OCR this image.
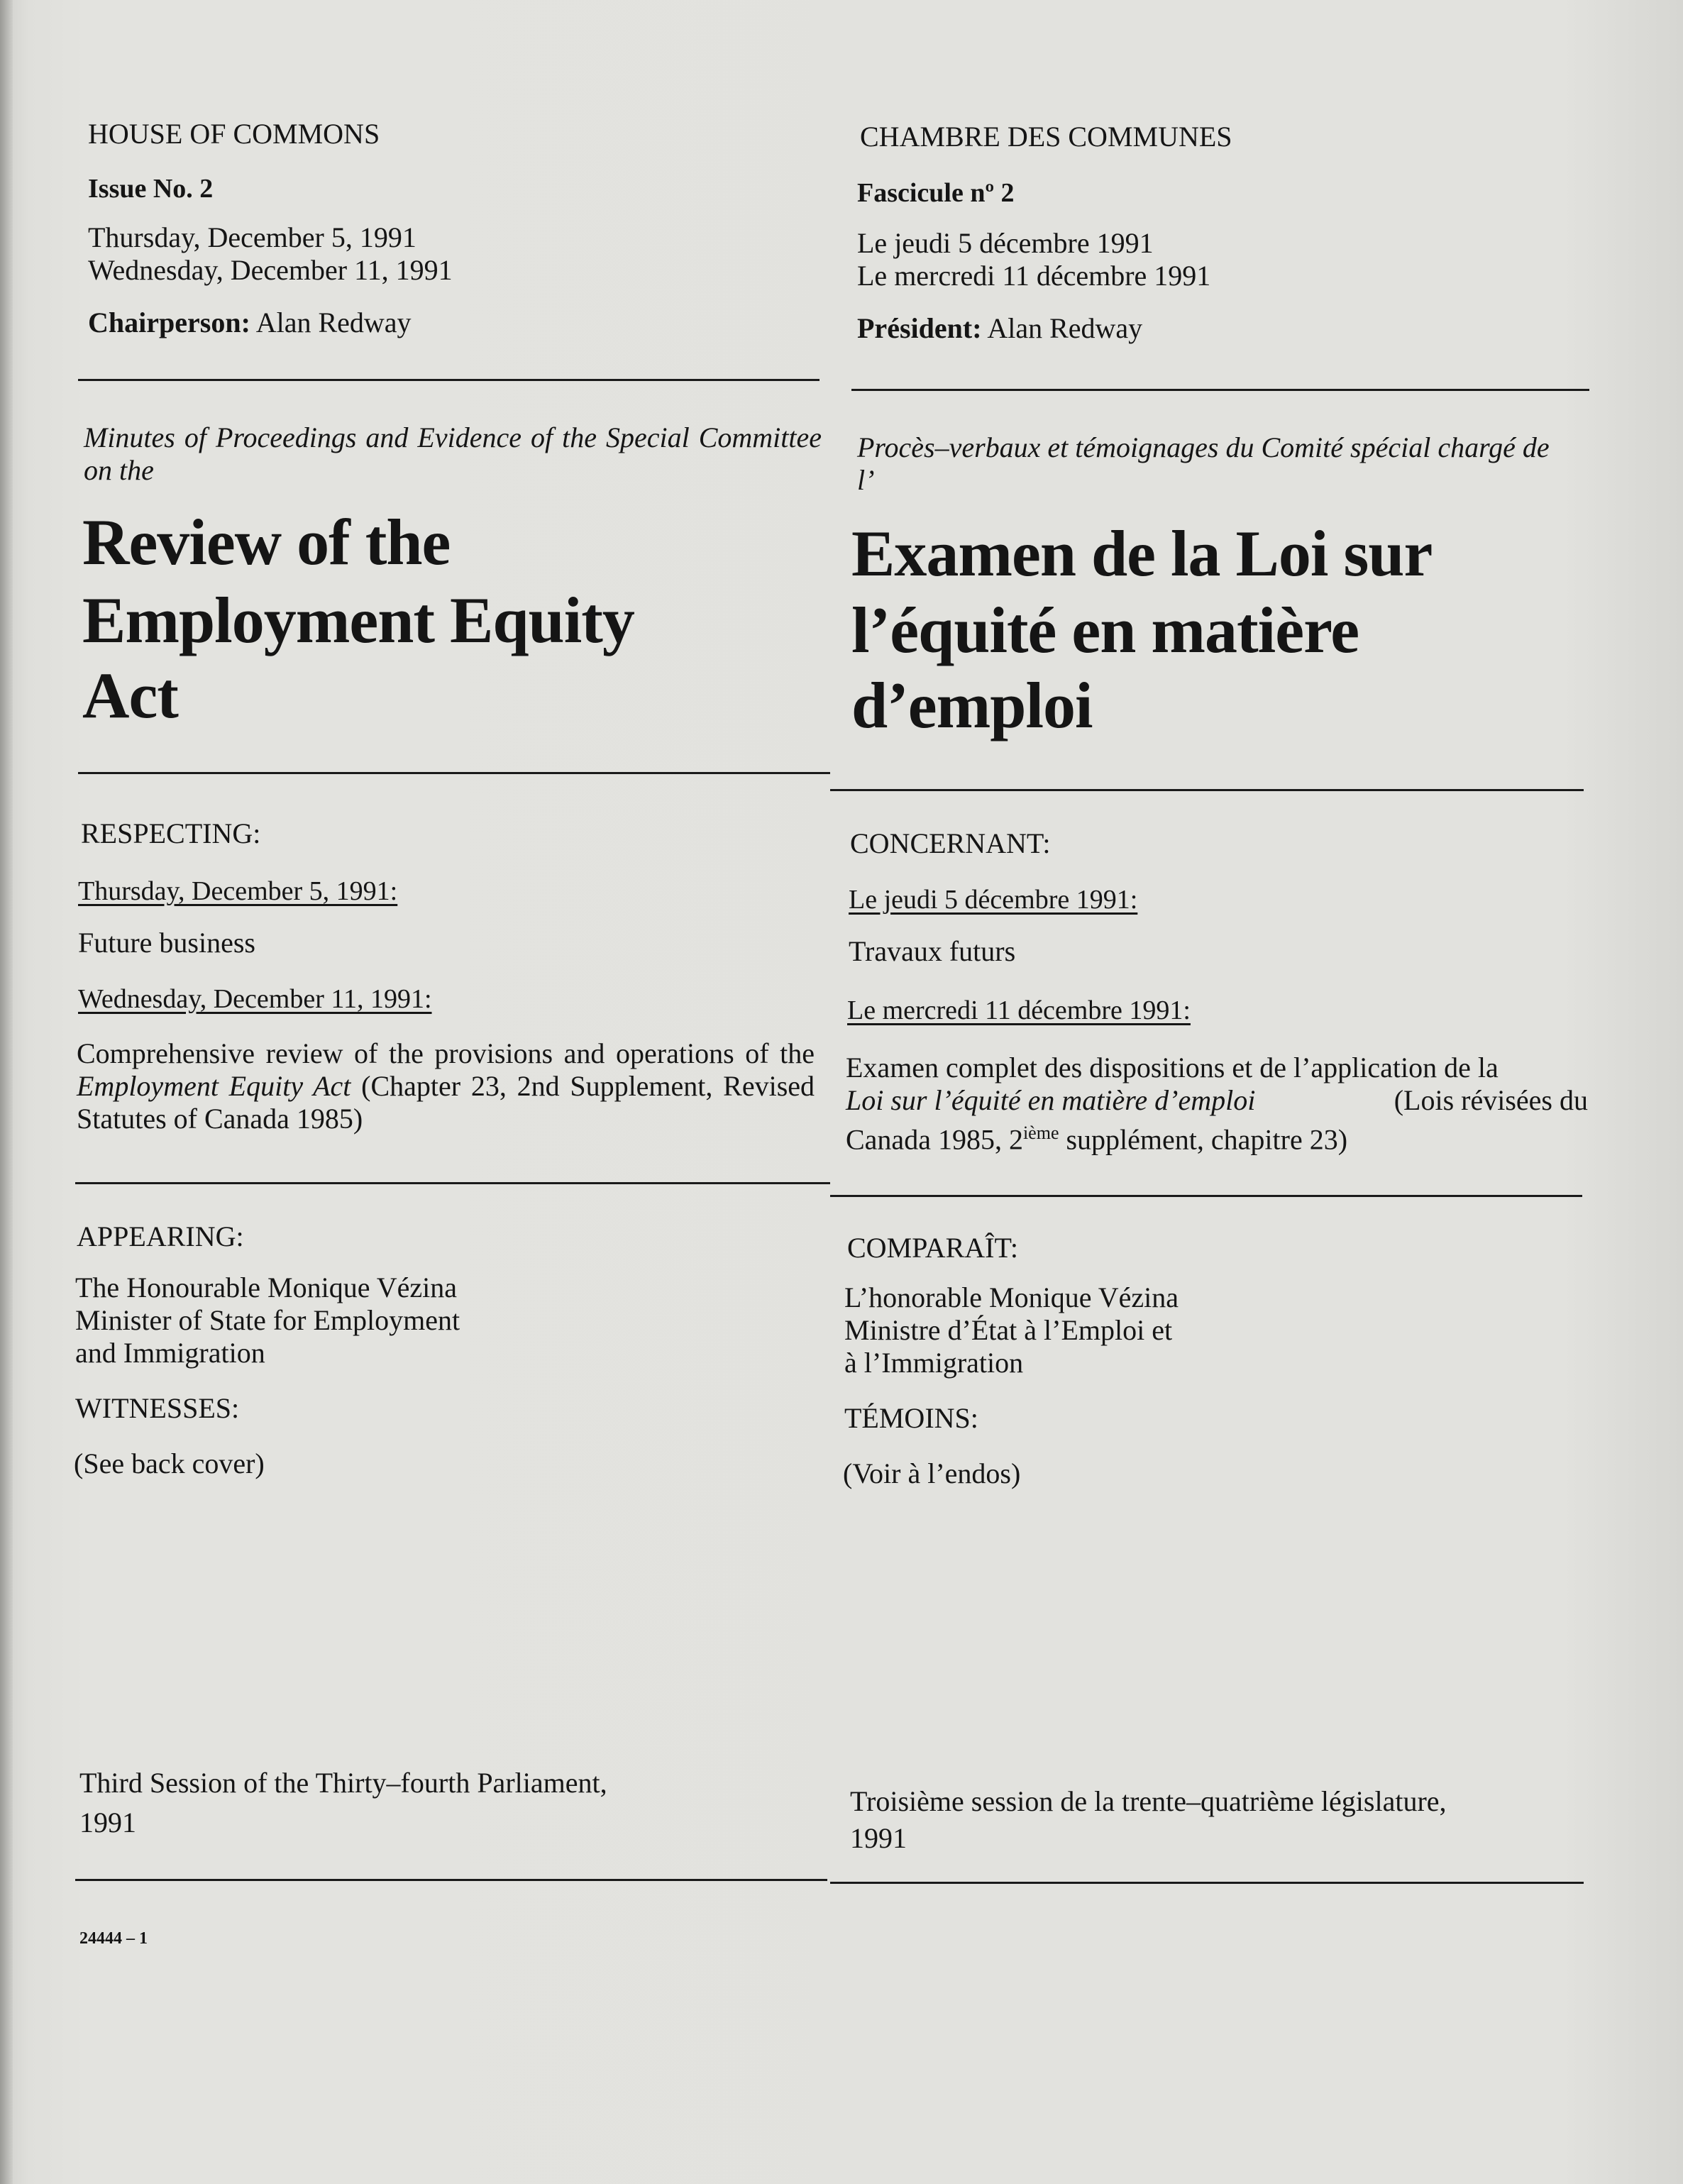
HOUSE OF COMMONS
Issue No. 2
Thursday, December 5, 1991
Wednesday, December 11, 1991
Chairperson: Alan Redway
Minutes of Proceedings and Evidence of the Special Committee on the
Review of the
Employment Equity
Act
RESPECTING:
Thursday, December 5, 1991:
Future business
Wednesday, December 11, 1991:
Comprehensive review of the provisions and operations of the Employment Equity Act (Chapter 23, 2nd Supplement, Revised Statutes of Canada 1985)
APPEARING:
The Honourable Monique Vézina
Minister of State for Employment
and Immigration
WITNESSES:
(See back cover)
Third Session of the Thirty–fourth Parliament,
1991
24444 – 1
CHAMBRE DES COMMUNES
Fascicule nº 2
Le jeudi 5 décembre 1991
Le mercredi 11 décembre 1991
Président: Alan Redway
Procès–verbaux et témoignages du Comité spécial chargé de
l’
Examen de la Loi sur
l’équité en matière
d’emploi
CONCERNANT:
Le jeudi 5 décembre 1991:
Travaux futurs
Le mercredi 11 décembre 1991:
Examen complet des dispositions et de l’application de la
Loi sur l’équité en matière d’emploi	(Lois révisées du
Canada 1985, 2ième supplément, chapitre 23)
COMPARAÎT:
L’honorable Monique Vézina
Ministre d’État à l’Emploi et
à l’Immigration
TÉMOINS:
(Voir à l’endos)
Troisième session de la trente–quatrième législature,
1991
